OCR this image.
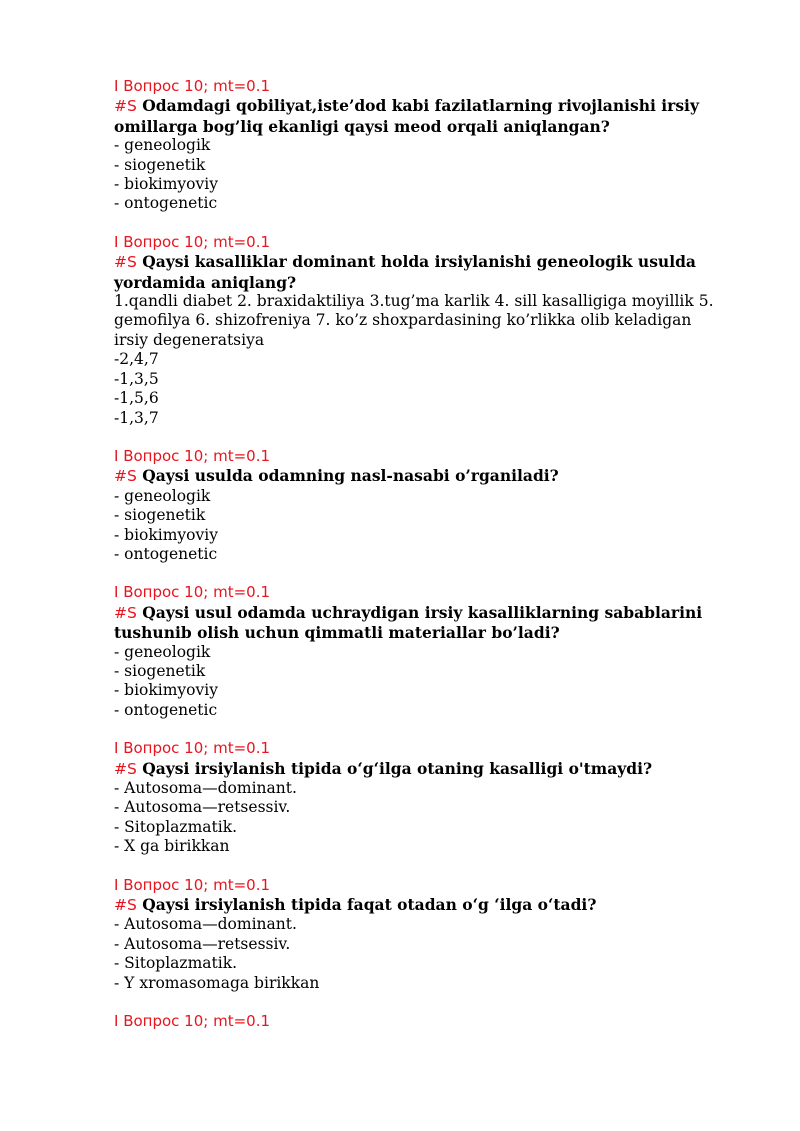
I Вопрос 10; mt=0.1
#S Odamdagi qobiliyat,iste’dod kabi fazilatlarning rivojlanishi irsiy
omillarga bog’liq ekanligi qaysi meod orqali aniqlangan?
- geneologik
- siogenetik
- biokimyoviy
- ontogenetic
I Вопрос 10; mt=0.1
#S Qaysi kasalliklar dominant holda irsiylanishi geneologik usulda
yordamida aniqlang?
1.qandli diabet 2. braxidaktiliya 3.tug’ma karlik 4. sill kasalligiga moyillik 5.
gemofilya 6. shizofreniya 7. ko’z shoxpardasining ko’rlikka olib keladigan
irsiy degeneratsiya
-2,4,7
-1,3,5
-1,5,6
-1,3,7
I Вопрос 10; mt=0.1
#S Qaysi usulda odamning nasl-nasabi o’rganiladi?
- geneologik
- siogenetik
- biokimyoviy
- ontogenetic
I Вопрос 10; mt=0.1
#S Qaysi usul odamda uchraydigan irsiy kasalliklarning sabablarini
tushunib olish uchun qimmatli materiallar bo’ladi?
- geneologik
- siogenetik
- biokimyoviy
- ontogenetic
I Вопрос 10; mt=0.1
#S Qaysi irsiylanish tipida o‘g‘ilga otaning kasalligi o'tmaydi?
- Autosoma—dominant.
- Autosoma—retsessiv.
- Sitoplazmatik.
- X ga birikkan
I Вопрос 10; mt=0.1
#S Qaysi irsiylanish tipida faqat otadan o‘g ‘ilga o‘tadi?
- Autosoma—dominant.
- Autosoma—retsessiv.
- Sitoplazmatik.
- Y xromasomaga birikkan
I Вопрос 10; mt=0.1
